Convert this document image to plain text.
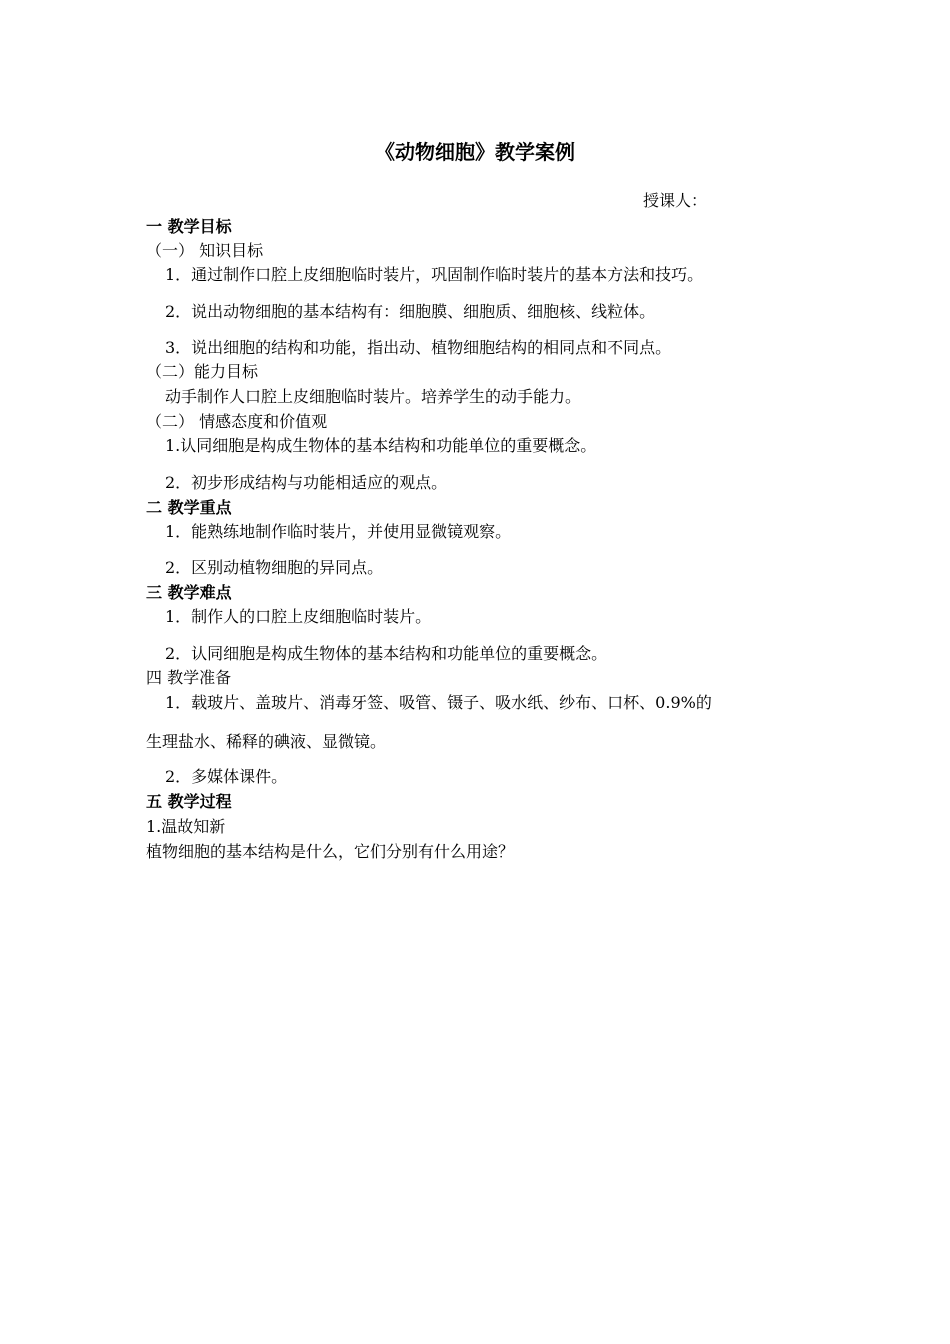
《动物细胞》教学案例
授课人：
一 教学目标
（一） 知识目标
1．通过制作口腔上皮细胞临时装片，巩固制作临时装片的基本方法和技巧。
2．说出动物细胞的基本结构有：细胞膜、细胞质、细胞核、线粒体。
3．说出细胞的结构和功能，指出动、植物细胞结构的相同点和不同点。
（二）能力目标
动手制作人口腔上皮细胞临时装片。培养学生的动手能力。
（二） 情感态度和价值观
1.认同细胞是构成生物体的基本结构和功能单位的重要概念。
2．初步形成结构与功能相适应的观点。
二 教学重点
1．能熟练地制作临时装片，并使用显微镜观察。
2．区别动植物细胞的异同点。
三 教学难点
1．制作人的口腔上皮细胞临时装片。
2．认同细胞是构成生物体的基本结构和功能单位的重要概念。
四 教学准备
1．载玻片、盖玻片、消毒牙签、吸管、镊子、吸水纸、纱布、口杯、0.9%的
生理盐水、稀释的碘液、显微镜。
2．多媒体课件。
五 教学过程
1.温故知新
植物细胞的基本结构是什么，它们分别有什么用途？
